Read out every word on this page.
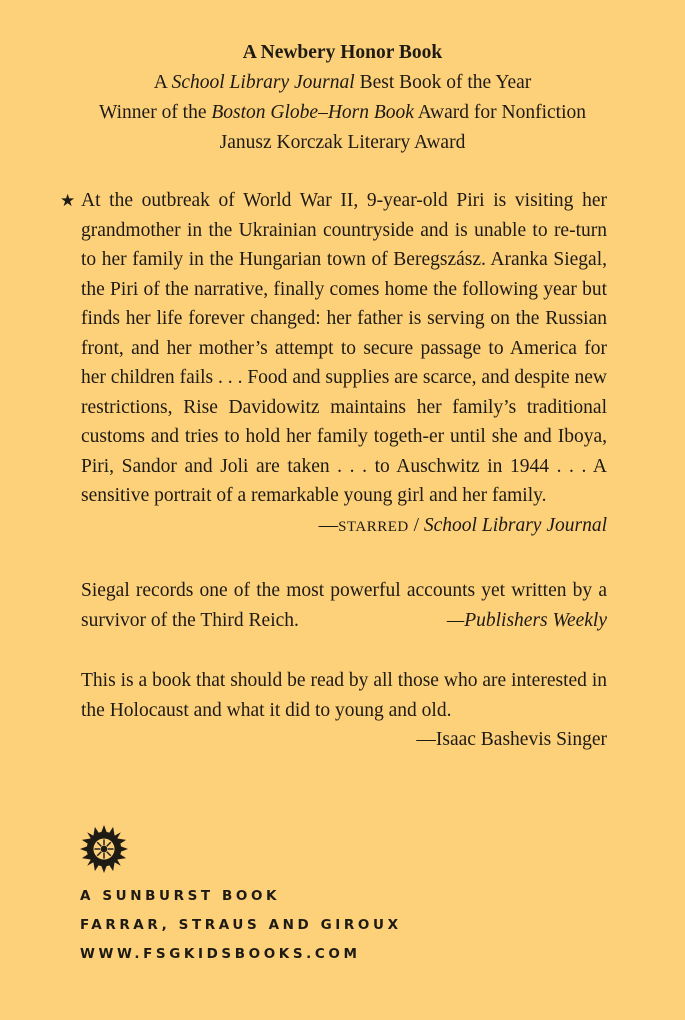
A Newbery Honor Book
A School Library Journal Best Book of the Year
Winner of the Boston Globe–Horn Book Award for Nonfiction
Janusz Korczak Literary Award
★ At the outbreak of World War II, 9-year-old Piri is visiting her grandmother in the Ukrainian countryside and is unable to re-turn to her family in the Hungarian town of Beregszász. Aranka Siegal, the Piri of the narrative, finally comes home the following year but finds her life forever changed: her father is serving on the Russian front, and her mother’s attempt to secure passage to America for her children fails . . . Food and supplies are scarce, and despite new restrictions, Rise Davidowitz maintains her family’s traditional customs and tries to hold her family togeth-er until she and Iboya, Piri, Sandor and Joli are taken . . . to Auschwitz in 1944 . . . A sensitive portrait of a remarkable young girl and her family.
—STARRED / School Library Journal

Siegal records one of the most powerful accounts yet written by a survivor of the Third Reich.	—Publishers Weekly

This is a book that should be read by all those who are interested in the Holocaust and what it did to young and old.

—Isaac Bashevis Singer
A SUNBURST BOOK
FARRAR, STRAUS AND GIROUX
WWW.FSGKIDSBOOKS.COM
